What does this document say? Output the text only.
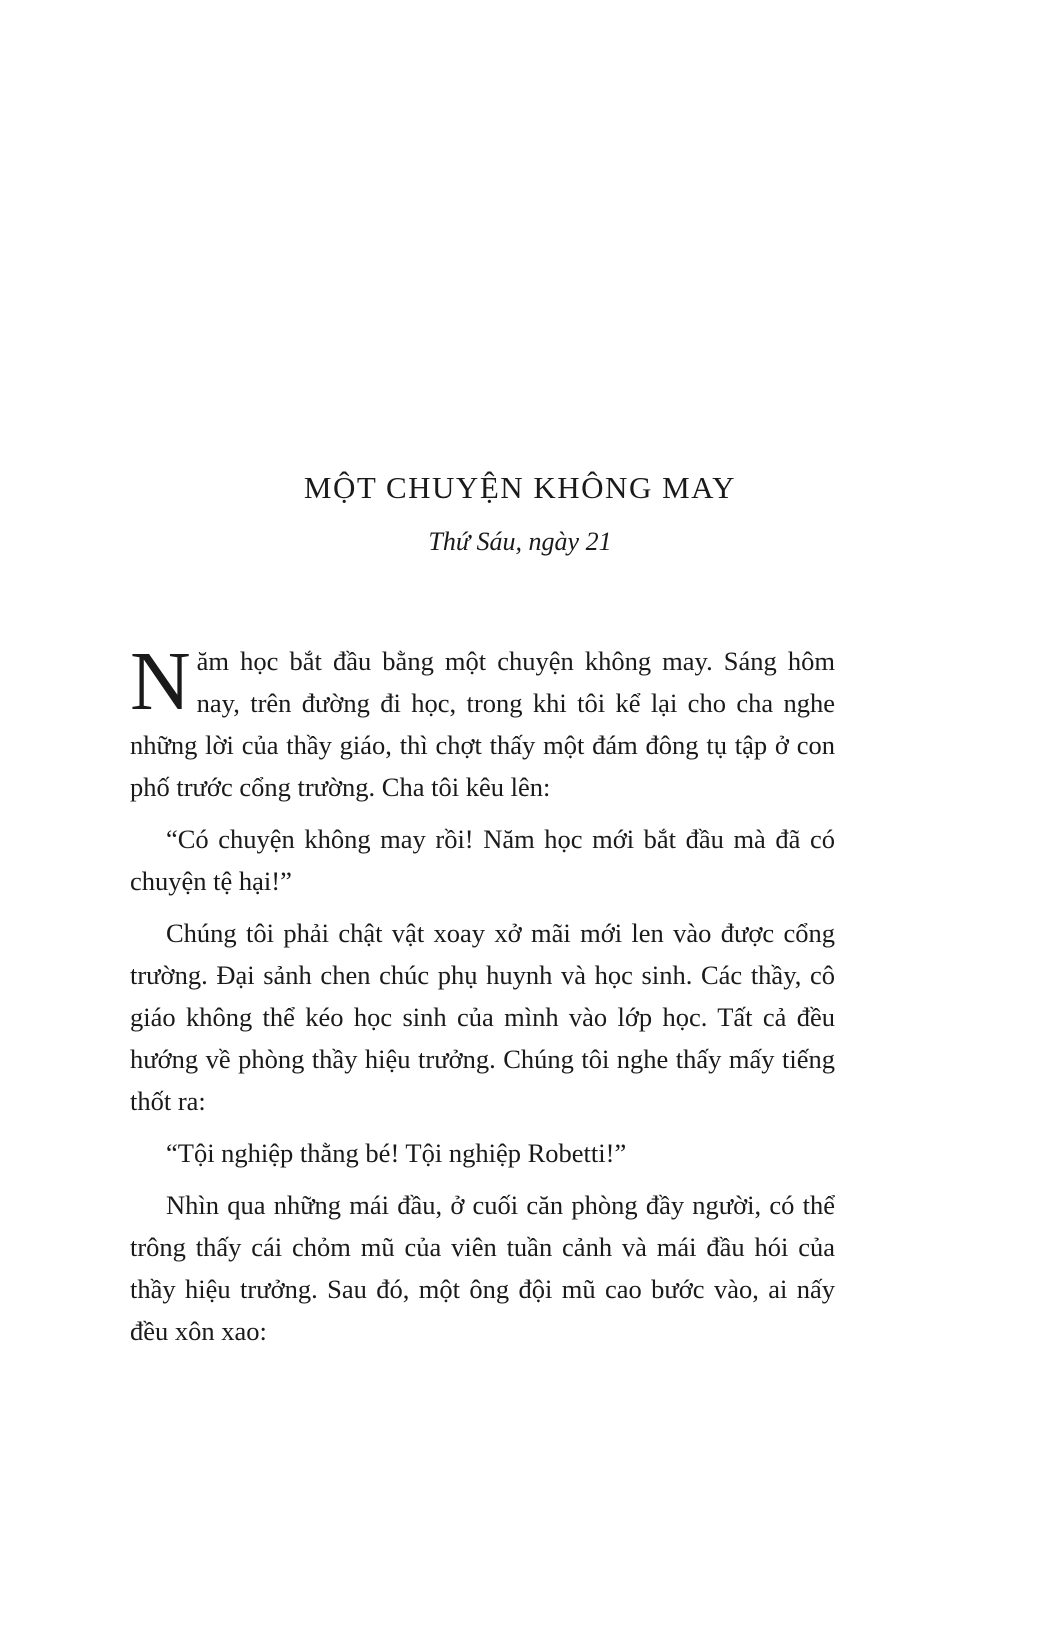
MỘT CHUYỆN KHÔNG MAY
Thứ Sáu, ngày 21

Năm học bắt đầu bằng một chuyện không may. Sáng hôm nay, trên đường đi học, trong khi tôi kể lại cho cha nghe những lời của thầy giáo, thì chợt thấy một đám đông tụ tập ở con phố trước cổng trường. Cha tôi kêu lên:

“Có chuyện không may rồi! Năm học mới bắt đầu mà đã có chuyện tệ hại!”

Chúng tôi phải chật vật xoay xở mãi mới len vào được cổng trường. Đại sảnh chen chúc phụ huynh và học sinh. Các thầy, cô giáo không thể kéo học sinh của mình vào lớp học. Tất cả đều hướng về phòng thầy hiệu trưởng. Chúng tôi nghe thấy mấy tiếng thốt ra:

“Tội nghiệp thằng bé! Tội nghiệp Robetti!”

Nhìn qua những mái đầu, ở cuối căn phòng đầy người, có thể trông thấy cái chỏm mũ của viên tuần cảnh và mái đầu hói của thầy hiệu trưởng. Sau đó, một ông đội mũ cao bước vào, ai nấy đều xôn xao:
